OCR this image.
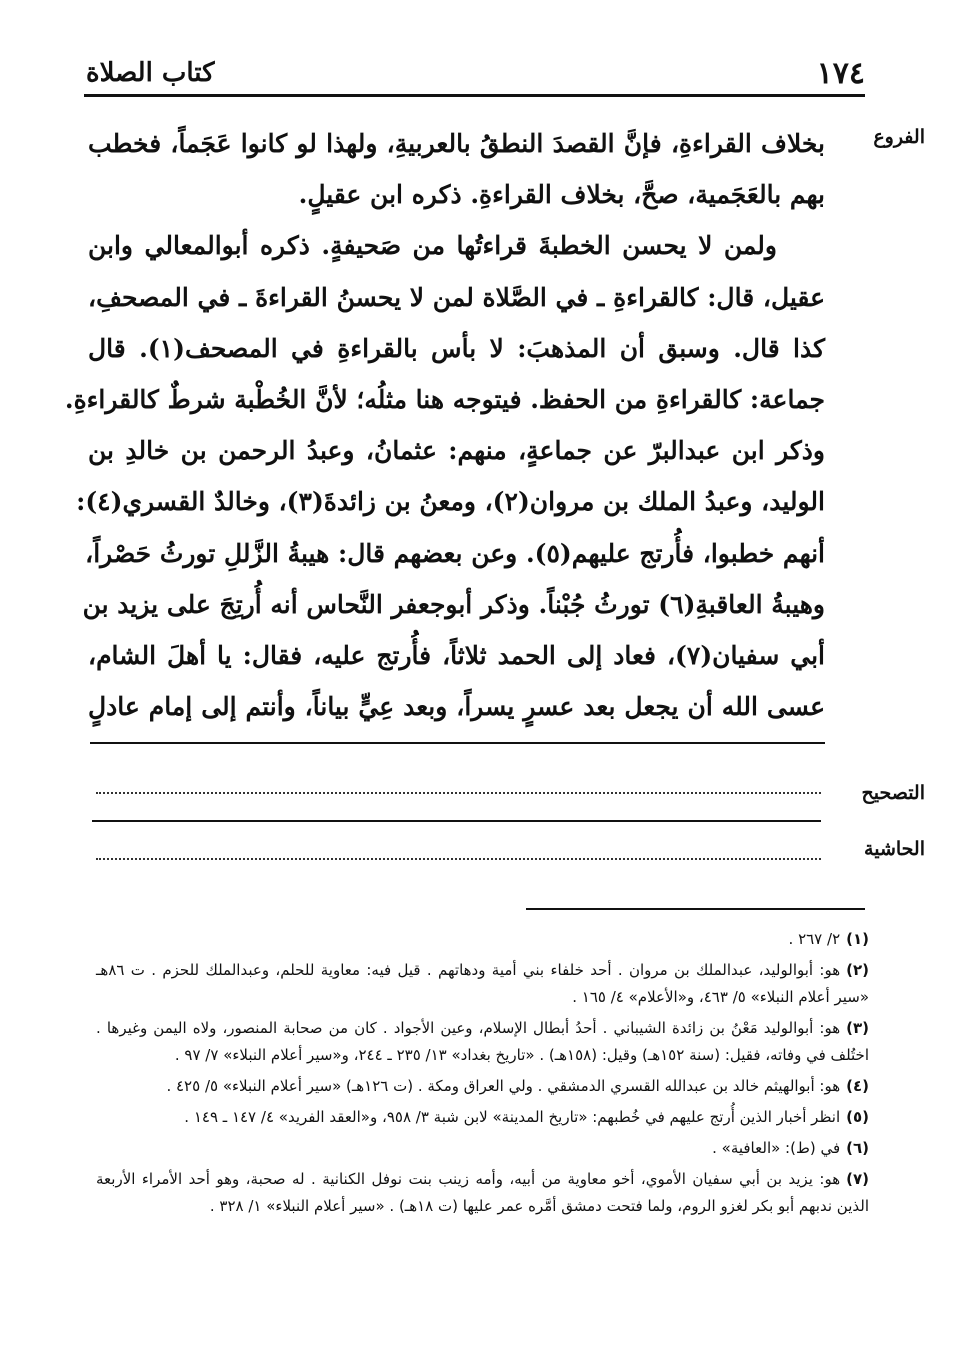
١٧٤
كتاب الصلاة
الفروع
التصحيح
الحاشية
بخلاف القراءةِ، فإنَّ القصدَ النطقُ بالعربيةِ، ولهذا لو كانوا عَجَماً، فخطب
بهم بالعَجَمية، صحَّ، بخلاف القراءةِ. ذكره ابن عقيلٍ.
ولمن لا يحسن الخطبةَ قراءتُها من صَحيفةٍ. ذكره أبوالمعالي وابن
عقيل، قال: كالقراءةِ ـ في الصَّلاة لمن لا يحسنُ القراءةَ ـ في المصحفِ،
كذا قال. وسبق أن المذهبَ: لا بأس بالقراءةِ في المصحف(١). قال
جماعة: كالقراءةِ من الحفظ. فيتوجه هنا مثلُه؛ لأنَّ الخُطْبة شرطٌ كالقراءةِ.
وذكر ابن عبدالبرّ عن جماعةٍ، منهم: عثمانُ، وعبدُ الرحمن بن خالدِ بن
الوليد، وعبدُ الملك بن مروان(٢)، ومعنُ بن زائدةَ(٣)، وخالدٌ القسري(٤):
أنهم خطبوا، فأُرتج عليهم(٥). وعن بعضهم قال: هيبةُ الزَّللِ تورثُ حَصْراً،
وهيبةُ العاقبةِ(٦) تورثُ جُبْناً. وذكر أبوجعفر النَّحاس أنه أُرتِجَ على يزيد بن
أبي سفيان(٧)، فعاد إلى الحمد ثلاثاً، فأُرتج عليه، فقال: يا أهلَ الشام،
عسى الله أن يجعل بعد عسرٍ يسراً، وبعد عِيٍّ بياناً، وأنتم إلى إمام عادلٍ

(١)٢/ ٢٦٧ .

(٢)هو: أبوالوليد، عبدالملك بن مروان . أحد خلفاء بني أمية ودهاتهم . قيل فيه: معاوية للحلم، وعبدالملك للحزم . ت ٨٦هـ «سير أعلام النبلاء» ٥/ ٤٦٣، و«الأعلام» ٤/ ١٦٥ .

(٣)هو: أبوالوليد مَعْنُ بن زائدة الشيباني . أحدُ أبطال الإسلام، وعين الأجواد . كان من صحابة المنصور، ولاه اليمن وغيرها . اختُلف في وفاته، فقيل: (سنة ١٥٢هـ) وقيل: (١٥٨هـ) . «تاريخ بغداد» ١٣/ ٢٣٥ ـ ٢٤٤، و«سير أعلام النبلاء» ٧/ ٩٧ .

(٤)هو: أبوالهيثم خالد بن عبدالله القسري الدمشقي . ولي العراق ومكة . (ت ١٢٦هـ) «سير أعلام النبلاء» ٥/ ٤٢٥ .

(٥)انظر أخبار الذين أُرتج عليهم في خُطبهم: «تاريخ المدينة» لابن شبة ٣/ ٩٥٨، و«العقد الفريد» ٤/ ١٤٧ ـ ١٤٩ .

(٦)في (ط): «العافية» .

(٧)هو: يزيد بن أبي سفيان الأموي، أخو معاوية من أبيه، وأمه زينب بنت نوفل الكنانية . له صحبة، وهو أحد الأمراء الأربعة الذين ندبهم أبو بكر لغزو الروم، ولما فتحت دمشق أمَّره عمر عليها (ت ١٨هـ) . «سير أعلام النبلاء» ١/ ٣٢٨ .
